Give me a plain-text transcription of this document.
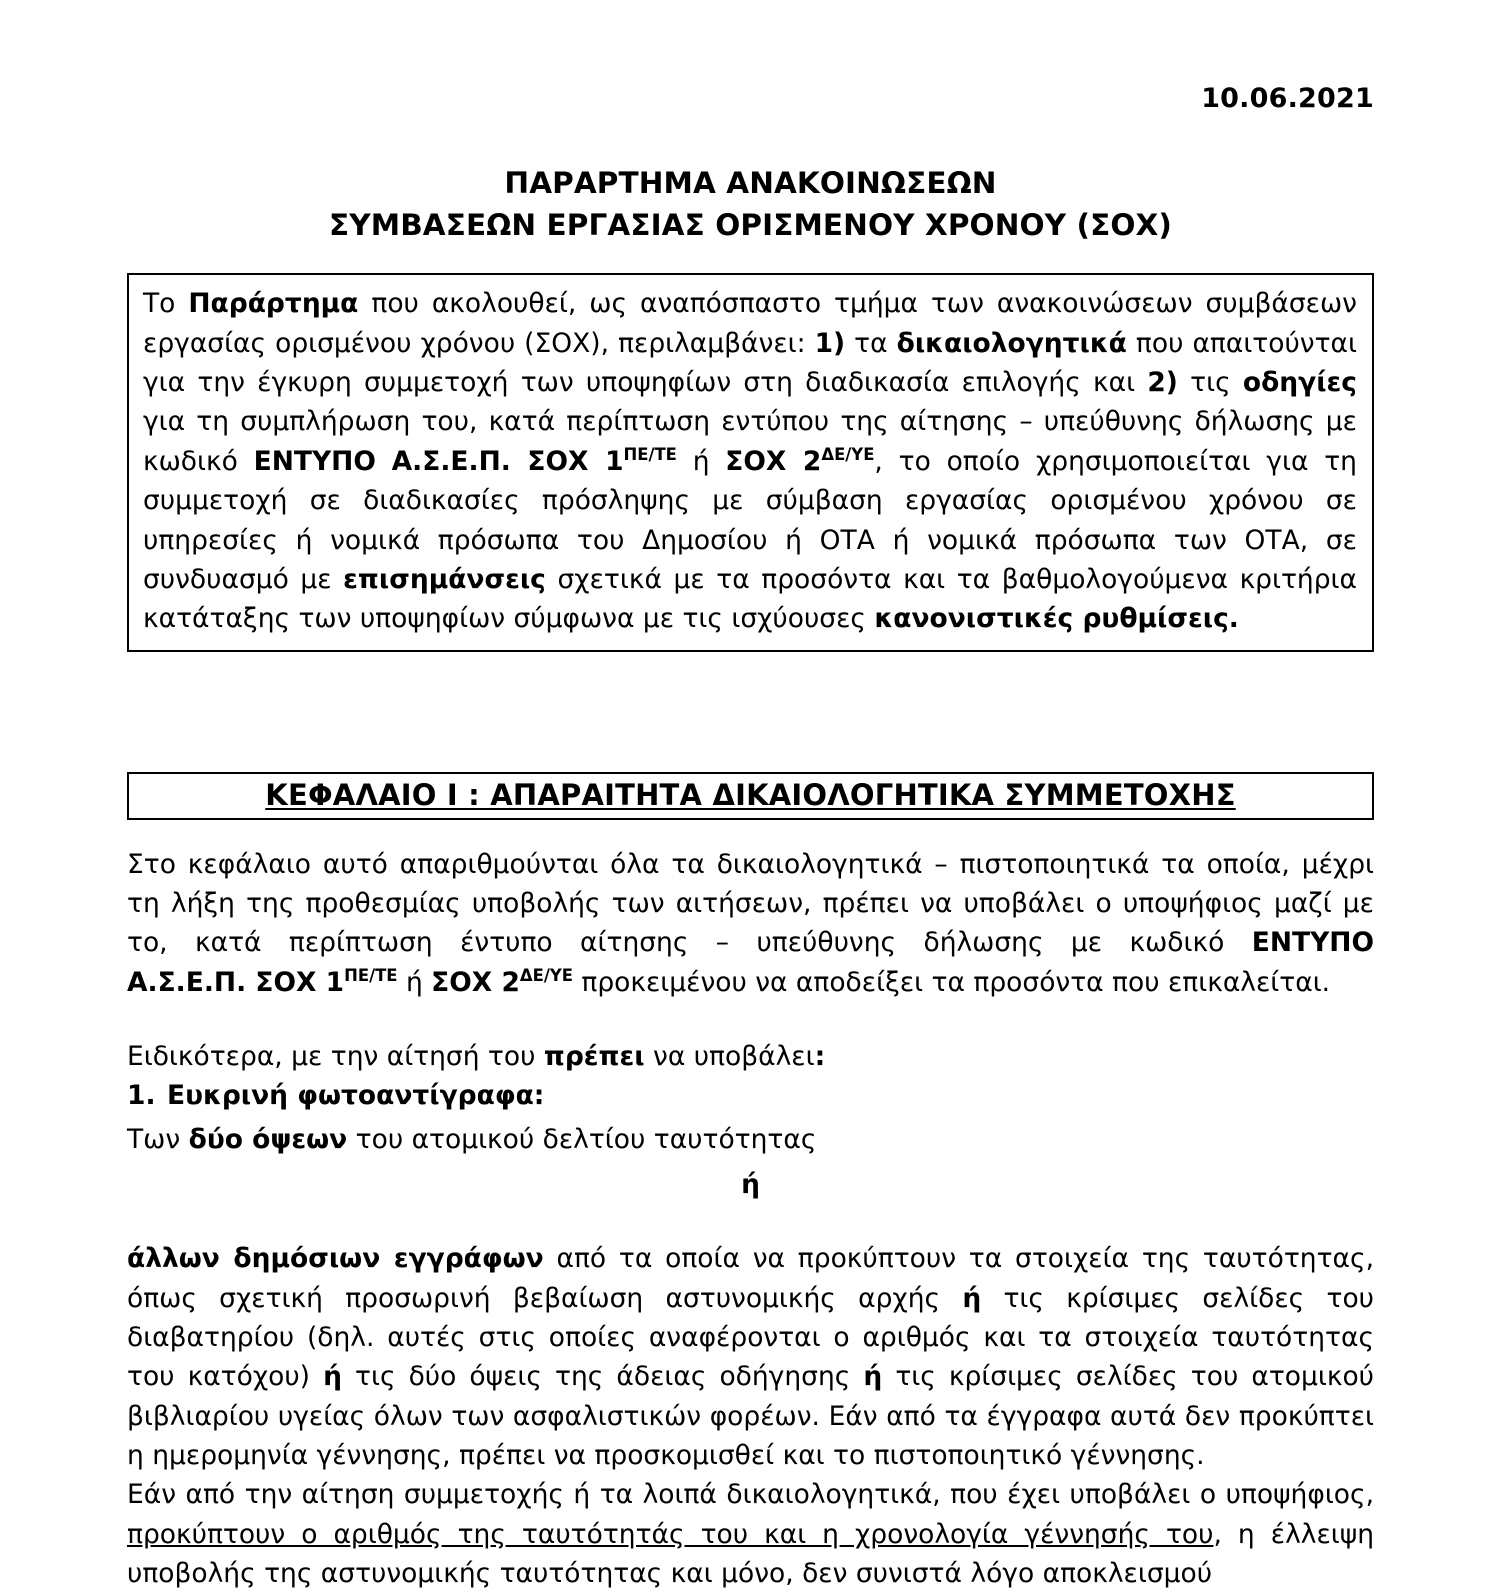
10.06.2021
ΠΑΡΑΡΤΗΜΑ ΑΝΑΚΟΙΝΩΣΕΩΝ
ΣΥΜΒΑΣΕΩΝ ΕΡΓΑΣΙΑΣ ΟΡΙΣΜΕΝΟΥ ΧΡΟΝΟΥ (ΣΟΧ)

Το Παράρτημα που ακολουθεί, ως αναπόσπαστο τμήμα των ανακοινώσεων συμβάσεων εργασίας ορισμένου χρόνου (ΣΟΧ), περιλαμβάνει: 1) τα δικαιολογητικά που απαιτούνται για την έγκυρη συμμετοχή των υποψηφίων στη διαδικασία επιλογής και 2) τις οδηγίες για τη συμπλήρωση του, κατά περίπτωση εντύπου της αίτησης – υπεύθυνης δήλωσης με κωδικό ΕΝΤΥΠΟ Α.Σ.Ε.Π. ΣΟΧ $1^{\Pi E/TE}$ ή ΣΟΧ $2^{\Delta E/\Upsilon E}$, το οποίο χρησιμοποιείται για τη συμμετοχή σε διαδικασίες πρόσληψης με σύμβαση εργασίας ορισμένου χρόνου σε υπηρεσίες ή νομικά πρόσωπα του Δημοσίου ή ΟΤΑ ή νομικά πρόσωπα των ΟΤΑ, σε συνδυασμό με επισημάνσεις σχετικά με τα προσόντα και τα βαθμολογούμενα κριτήρια κατάταξης των υποψηφίων σύμφωνα με τις ισχύουσες κανονιστικές ρυθμίσεις.

ΚΕΦΑΛΑΙΟ Ι : ΑΠΑΡΑΙΤΗΤΑ ΔΙΚΑΙΟΛΟΓΗΤΙΚΑ ΣΥΜΜΕΤΟΧΗΣ

Στο κεφάλαιο αυτό απαριθμούνται όλα τα δικαιολογητικά – πιστοποιητικά τα οποία, μέχρι τη λήξη της προθεσμίας υποβολής των αιτήσεων, πρέπει να υποβάλει ο υποψήφιος μαζί με το, κατά περίπτωση έντυπο αίτησης – υπεύθυνης δήλωσης με κωδικό ΕΝΤΥΠΟ Α.Σ.Ε.Π. ΣΟΧ $1^{\Pi E/TE}$ ή ΣΟΧ $2^{\Delta E/\Upsilon E}$ προκειμένου να αποδείξει τα προσόντα που επικαλείται.

Ειδικότερα, με την αίτησή του πρέπει να υποβάλει:

1. Ευκρινή φωτοαντίγραφα:

Των δύο όψεων του ατομικού δελτίου ταυτότητας

ή

άλλων δημόσιων εγγράφων από τα οποία να προκύπτουν τα στοιχεία της ταυτότητας, όπως σχετική προσωρινή βεβαίωση αστυνομικής αρχής ή τις κρίσιμες σελίδες του διαβατηρίου (δηλ. αυτές στις οποίες αναφέρονται ο αριθμός και τα στοιχεία ταυτότητας του κατόχου) ή τις δύο όψεις της άδειας οδήγησης ή τις κρίσιμες σελίδες του ατομικού βιβλιαρίου υγείας όλων των ασφαλιστικών φορέων. Εάν από τα έγγραφα αυτά δεν προκύπτει η ημερομηνία γέννησης, πρέπει να προσκομισθεί και το πιστοποιητικό γέννησης.

Εάν από την αίτηση συμμετοχής ή τα λοιπά δικαιολογητικά, που έχει υποβάλει ο υποψήφιος, προκύπτουν ο αριθμός της ταυτότητάς του και η χρονολογία γέννησής του, η έλλειψη υποβολής της αστυνομικής ταυτότητας και μόνο, δεν συνιστά λόγο αποκλεισμού
